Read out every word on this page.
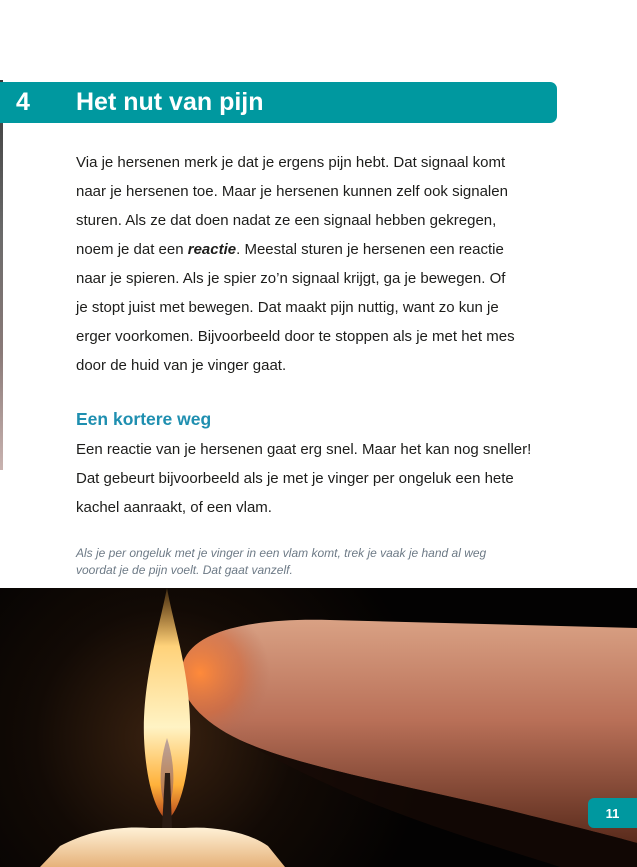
4 Het nut van pijn

Via je hersenen merk je dat je ergens pijn hebt. Dat signaal komt
naar je hersenen toe. Maar je hersenen kunnen zelf ook signalen
sturen. Als ze dat doen nadat ze een signaal hebben gekregen,
noem je dat een reactie. Meestal sturen je hersenen een reactie
naar je spieren. Als je spier zo’n signaal krijgt, ga je bewegen. Of
je stopt juist met bewegen. Dat maakt pijn nuttig, want zo kun je
erger voorkomen. Bijvoorbeeld door te stoppen als je met het mes
door de huid van je vinger gaat.

Een kortere weg

Een reactie van je hersenen gaat erg snel. Maar het kan nog sneller!
Dat gebeurt bijvoorbeeld als je met je vinger per ongeluk een hete
kachel aanraakt, of een vlam.

Als je per ongeluk met je vinger in een vlam komt, trek je vaak je hand al weg
voordat je de pijn voelt. Dat gaat vanzelf.

11
